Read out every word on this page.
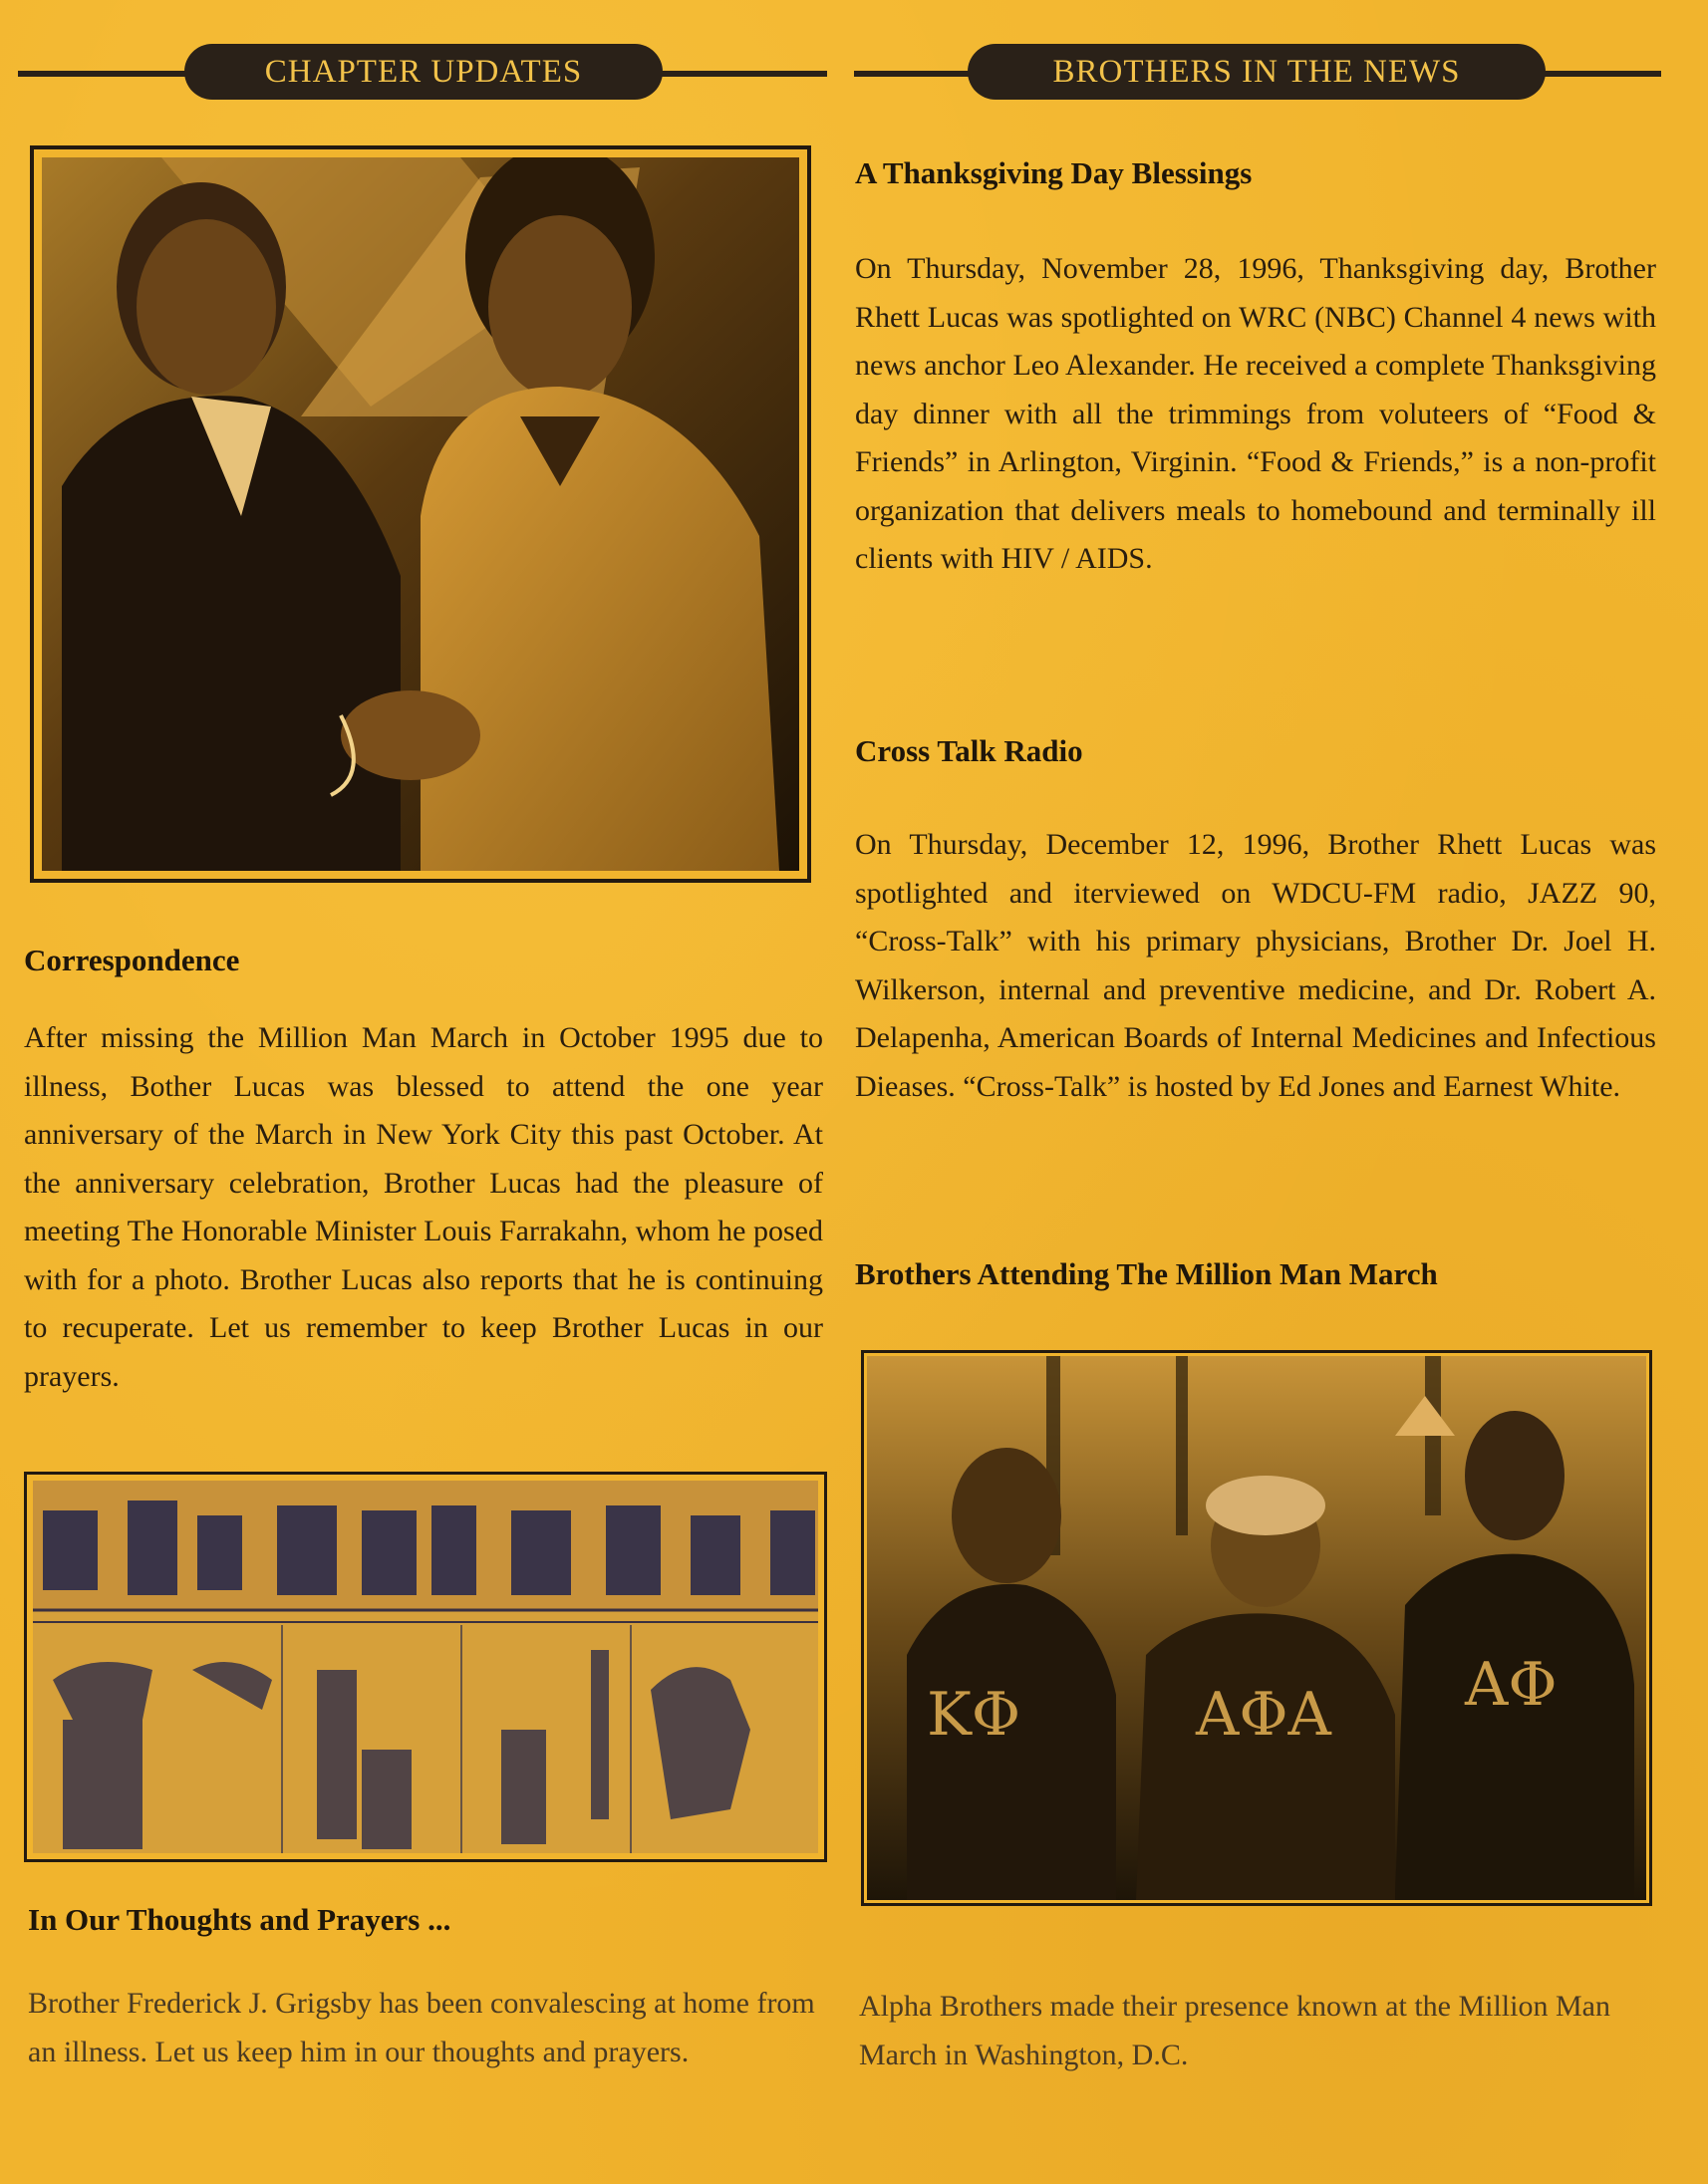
CHAPTER UPDATES	BROTHERS IN THE NEWS
Correspondence
After missing the Million Man March in October 1995 due to illness, Bother Lucas was blessed to attend the one year anniversary of the March in New York City this past October. At the anniversary celebration, Brother Lucas had the pleasure of meeting The Honorable Minister Louis Farrakahn, whom he posed with for a photo. Brother Lucas also reports that he is continuing to recuperate. Let us remember to keep Brother Lucas in our prayers.
In Our Thoughts and Prayers ...
Brother Frederick J. Grigsby has been convalescing at home from an illness. Let us keep him in our thoughts and prayers.
A Thanksgiving Day Blessings
On Thursday, November 28, 1996, Thanksgiving day, Brother Rhett Lucas was spotlighted on WRC (NBC) Channel 4 news with news anchor Leo Alexander. He received a complete Thanksgiving day dinner with all the trimmings from voluteers of “Food & Friends” in Arlington, Virginin. “Food & Friends,” is a non-profit organization that delivers meals to homebound and terminally ill clients with HIV / AIDS.
Cross Talk Radio
On Thursday, December 12, 1996, Brother Rhett Lucas was spotlighted and iterviewed on WDCU-FM radio, JAZZ 90, “Cross-Talk” with his primary physicians, Brother Dr. Joel H. Wilkerson, internal and preventive medicine, and Dr. Robert A. Delapenha, American Boards of Internal Medicines and Infectious Dieases. “Cross-Talk” is hosted by Ed Jones and Earnest White.
Brothers Attending The Million Man March
ΚΦ	ΑΦΑ ΑΦ
Alpha Brothers made their presence known at the Million Man March in Washington, D.C.
